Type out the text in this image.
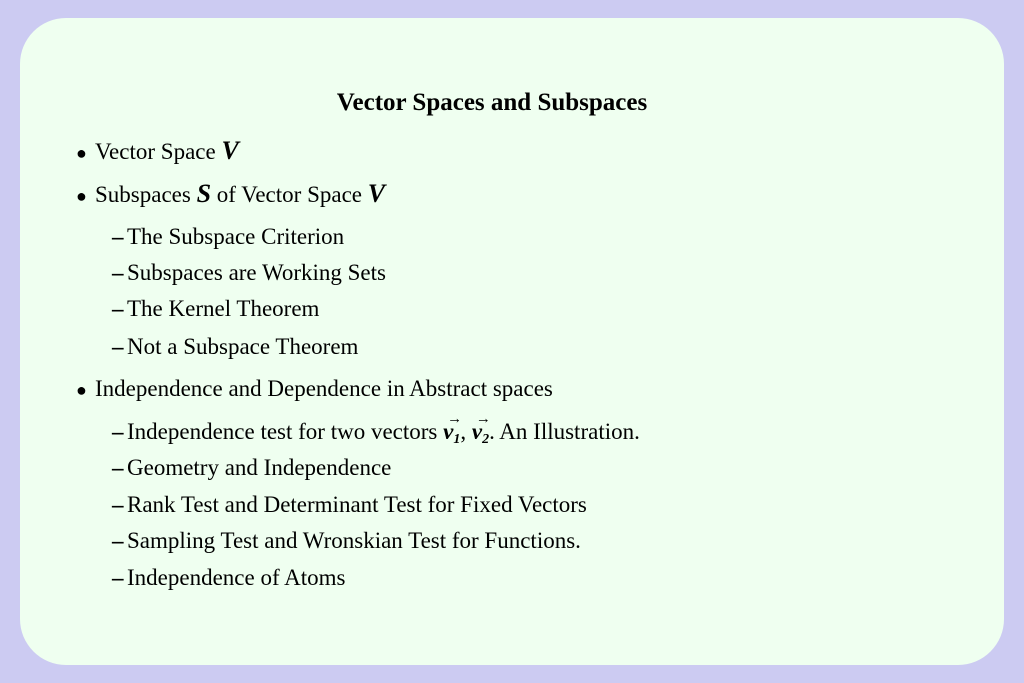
Vector Spaces and Subspaces
● Vector Space V
● Subspaces S of Vector Space V
– The Subspace Criterion
– Subspaces are Working Sets
– The Kernel Theorem
– Not a Subspace Theorem
● Independence and Dependence in Abstract spaces
– Independence test for two vectors →
$v_1$, →
$v_2$. An Illustration.
– Geometry and Independence
– Rank Test and Determinant Test for Fixed Vectors
– Sampling Test and Wronskian Test for Functions.
– Independence of Atoms
